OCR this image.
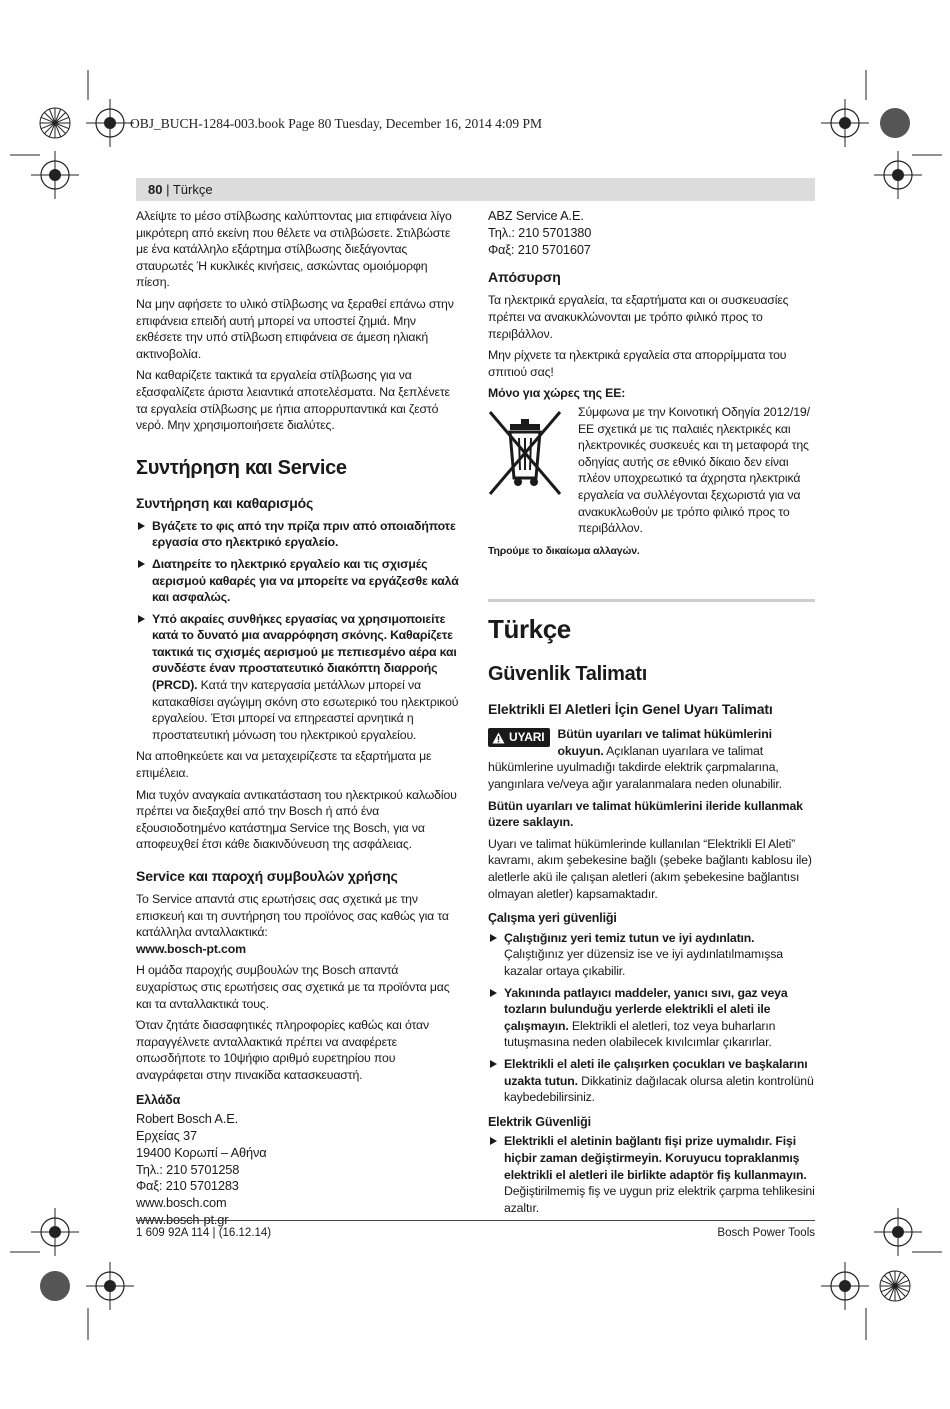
OBJ_BUCH-1284-003.book Page 80 Tuesday, December 16, 2014 4:09 PM
80 | Türkçe

Αλείψτε το μέσο στίλβωσης καλύπτοντας μια επιφάνεια λίγο μικρότερη από εκείνη που θέλετε να στιλβώσετε. Στιλβώστε με ένα κατάλληλο εξάρτημα στίλβωσης διεξάγοντας σταυρωτές Ή κυκλικές κινήσεις, ασκώντας ομοιόμορφη πίεση.

Να μην αφήσετε το υλικό στίλβωσης να ξεραθεί επάνω στην επιφάνεια επειδή αυτή μπορεί να υποστεί ζημιά. Μην εκθέσετε την υπό στίλβωση επιφάνεια σε άμεση ηλιακή ακτινοβολία.

Να καθαρίζετε τακτικά τα εργαλεία στίλβωσης για να εξασφαλίζετε άριστα λειαντικά αποτελέσματα. Να ξεπλένετε τα εργαλεία στίλβωσης με ήπια απορρυπαντικά και ζεστό νερό. Μην χρησιμοποιήσετε διαλύτες.

Συντήρηση και Service
Συντήρηση και καθαρισμός
Βγάζετε το φις από την πρίζα πριν από οποιαδήποτε εργασία στο ηλεκτρικό εργαλείο.
Διατηρείτε το ηλεκτρικό εργαλείο και τις σχισμές αερισμού καθαρές για να μπορείτε να εργάζεσθε καλά και ασφαλώς.
Υπό ακραίες συνθήκες εργασίας να χρησιμοποιείτε κατά το δυνατό μια αναρρόφηση σκόνης. Καθαρίζετε τακτικά τις σχισμές αερισμού με πεπιεσμένο αέρα και συνδέστε έναν προστατευτικό διακόπτη διαρροής (PRCD). Κατά την κατεργασία μετάλλων μπορεί να κατακαθίσει αγώγιμη σκόνη στο εσωτερικό του ηλεκτρικού εργαλείου. Έτσι μπορεί να επηρεαστεί αρνητικά η προστατευτική μόνωση του ηλεκτρικού εργαλείου.

Να αποθηκεύετε και να μεταχειρίζεστε τα εξαρτήματα με επιμέλεια.

Μια τυχόν αναγκαία αντικατάσταση του ηλεκτρικού καλωδίου πρέπει να διεξαχθεί από την Bosch ή από ένα εξουσιοδοτημένο κατάστημα Service της Bosch, για να αποφευχθεί έτσι κάθε διακινδύνευση της ασφάλειας.

Service και παροχή συμβουλών χρήσης

Το Service απαντά στις ερωτήσεις σας σχετικά με την επισκευή και τη συντήρηση του προϊόνος σας καθώς για τα κατάλληλα ανταλλακτικά:

www.bosch-pt.com

Η ομάδα παροχής συμβουλών της Bosch απαντά ευχαρίστως στις ερωτήσεις σας σχετικά με τα προϊόντα μας και τα ανταλλακτικά τους.

Όταν ζητάτε διασαφητικές πληροφορίες καθώς και όταν παραγγέλνετε ανταλλακτικά πρέπει να αναφέρετε οπωσδήποτε το 10ψήφιο αριθμό ευρετηρίου που αναγράφεται στην πινακίδα κατασκευαστή.

Ελλάδα

Robert Bosch A.E.

Ερχείας 37

19400 Κορωπί – Αθήνα

Τηλ.: 210 5701258

Φαξ: 210 5701283

www.bosch.com

www.bosch-pt.gr

ABZ Service A.E.

Τηλ.: 210 5701380

Φαξ: 210 5701607

Απόσυρση

Τα ηλεκτρικά εργαλεία, τα εξαρτήματα και οι συσκευασίες πρέπει να ανακυκλώνονται με τρόπο φιλικό προς το περιβάλλον.

Μην ρίχνετε τα ηλεκτρικά εργαλεία στα απορρίμματα του σπιτιού σας!

Μόνο για χώρες της ΕΕ:
Σύμφωνα με την Κοινοτική Οδηγία 2012/19/ΕΕ σχετικά με τις παλαιές ηλεκτρικές και ηλεκτρονικές συσκευές και τη μεταφορά της οδηγίας αυτής σε εθνικό δίκαιο δεν είναι πλέον υποχρεωτικό τα άχρηστα ηλεκτρικά εργαλεία να συλλέγονται ξεχωριστά για να ανακυκλωθούν με τρόπο φιλικό προς το περιβάλλον.
Τηρούμε το δικαίωμα αλλαγών.
Türkçe
Güvenlik Talimatı
Elektrikli El Aletleri İçin Genel Uyarı Talimatı

UYARI Bütün uyarıları ve talimat hükümlerini okuyun. Açıklanan uyarılara ve talimat hükümlerine uyulmadığı takdirde elektrik çarpmalarına, yangınlara ve/veya ağır yaralanmalara neden olunabilir.

Bütün uyarıları ve talimat hükümlerini ileride kullanmak üzere saklayın.

Uyarı ve talimat hükümlerinde kullanılan “Elektrikli El Aleti” kavramı, akım şebekesine bağlı (şebeke bağlantı kablosu ile) aletlerle akü ile çalışan aletleri (akım şebekesine bağlantısı olmayan aletler) kapsamaktadır.

Çalışma yeri güvenliği
Çalıştığınız yeri temiz tutun ve iyi aydınlatın. Çalıştığınız yer düzensiz ise ve iyi aydınlatılmamışsa kazalar ortaya çıkabilir.
Yakınında patlayıcı maddeler, yanıcı sıvı, gaz veya tozların bulunduğu yerlerde elektrikli el aleti ile çalışmayın. Elektrikli el aletleri, toz veya buharların tutuşmasına neden olabilecek kıvılcımlar çıkarırlar.
Elektrikli el aleti ile çalışırken çocukları ve başkalarını uzakta tutun. Dikkatiniz dağılacak olursa aletin kontrolünü kaybedebilirsiniz.
Elektrik Güvenliği
Elektrikli el aletinin bağlantı fişi prize uymalıdır. Fişi hiçbir zaman değiştirmeyin. Koruyucu topraklanmış elektrikli el aletleri ile birlikte adaptör fiş kullanmayın. Değiştirilmemiş fiş ve uygun priz elektrik çarpma tehlikesini azaltır.
1 609 92A 114 | (16.12.14)	Bosch Power Tools
